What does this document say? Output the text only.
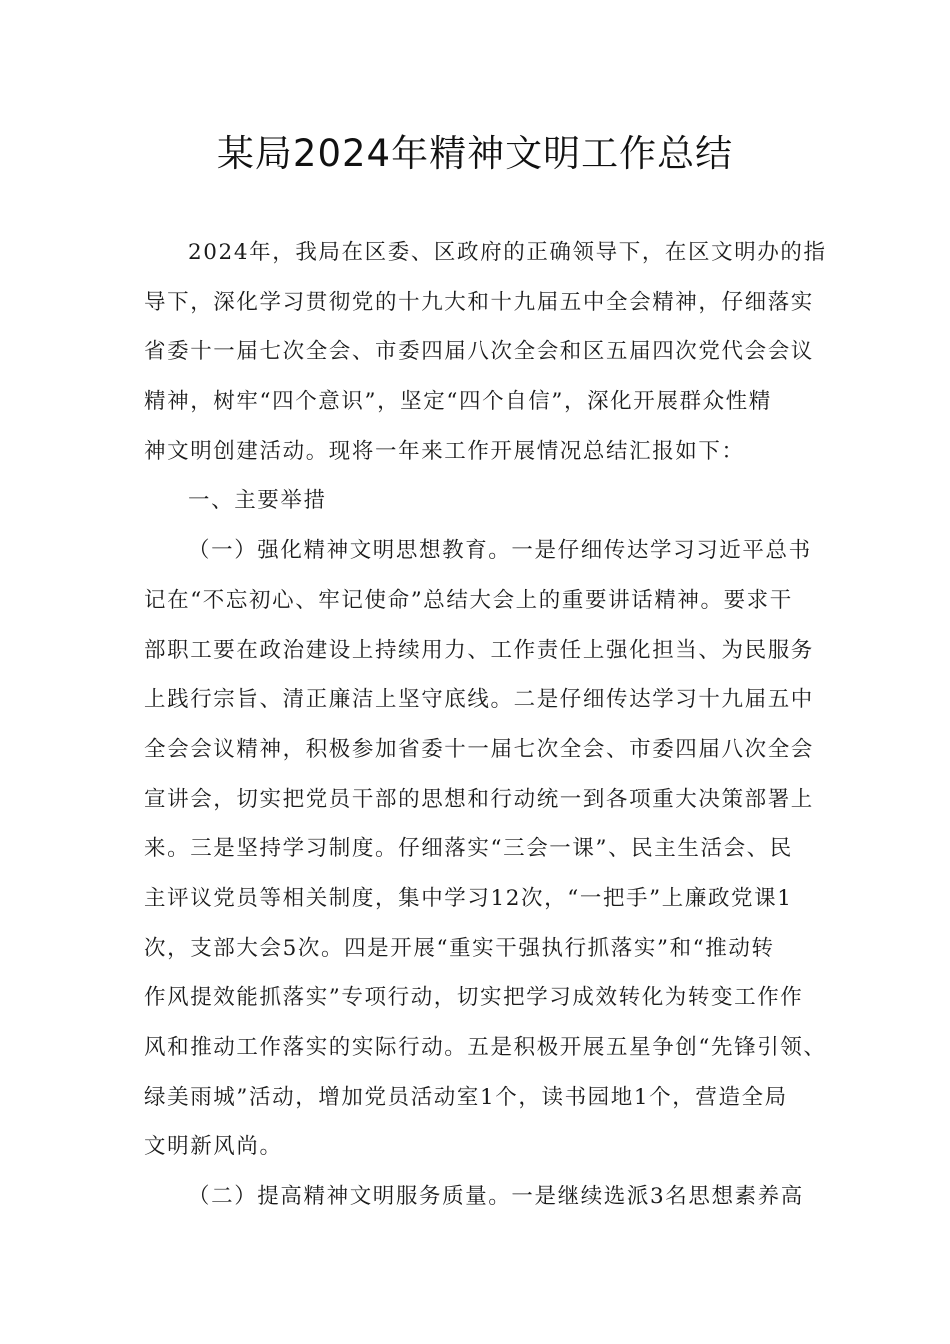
某局2024年精神文明工作总结
2024年，我局在区委、区政府的正确领导下，在区文明办的指
导下，深化学习贯彻党的十九大和十九届五中全会精神，仔细落实
省委十一届七次全会、市委四届八次全会和区五届四次党代会会议
精神，树牢“四个意识”，坚定“四个自信”，深化开展群众性精
神文明创建活动。现将一年来工作开展情况总结汇报如下：
一、主要举措
（一）强化精神文明思想教育。一是仔细传达学习习近平总书
记在“不忘初心、牢记使命”总结大会上的重要讲话精神。要求干
部职工要在政治建设上持续用力、工作责任上强化担当、为民服务
上践行宗旨、清正廉洁上坚守底线。二是仔细传达学习十九届五中
全会会议精神，积极参加省委十一届七次全会、市委四届八次全会
宣讲会，切实把党员干部的思想和行动统一到各项重大决策部署上
来。三是坚持学习制度。仔细落实“三会一课”、民主生活会、民
主评议党员等相关制度，集中学习12次，“一把手”上廉政党课1
次，支部大会5次。四是开展“重实干强执行抓落实”和“推动转
作风提效能抓落实”专项行动，切实把学习成效转化为转变工作作
风和推动工作落实的实际行动。五是积极开展五星争创“先锋引领、
绿美雨城”活动，增加党员活动室1个，读书园地1个，营造全局
文明新风尚。
（二）提高精神文明服务质量。一是继续选派3名思想素养高
